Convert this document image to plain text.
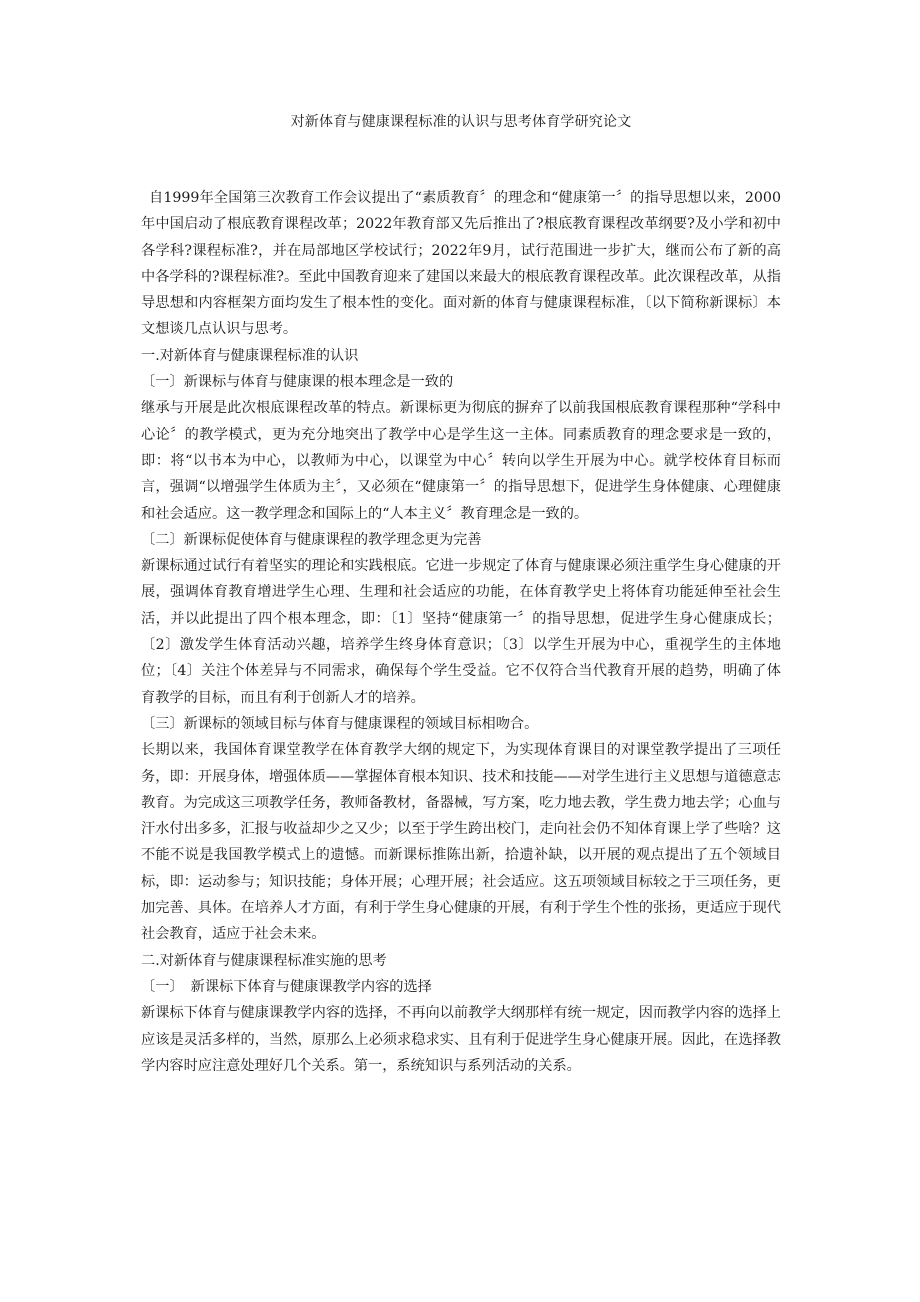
对新体育与健康课程标准的认识与思考体育学研究论文

自1999年全国第三次教育工作会议提出了“素质教育〞的理念和“健康第一〞的指导思想以来，2000年中国启动了根底教育课程改革；2022年教育部又先后推出了?根底教育课程改革纲要?及小学和初中各学科?课程标准?，并在局部地区学校试行；2022年9月，试行范围进一步扩大，继而公布了新的高中各学科的?课程标准?。至此中国教育迎来了建国以来最大的根底教育课程改革。此次课程改革，从指导思想和内容框架方面均发生了根本性的变化。面对新的体育与健康课程标准，〔以下简称新课标〕本文想谈几点认识与思考。

一.对新体育与健康课程标准的认识

〔一〕新课标与体育与健康课的根本理念是一致的

继承与开展是此次根底课程改革的特点。新课标更为彻底的摒弃了以前我国根底教育课程那种“学科中心论〞的教学模式，更为充分地突出了教学中心是学生这一主体。同素质教育的理念要求是一致的，即：将“以书本为中心，以教师为中心，以课堂为中心〞转向以学生开展为中心。就学校体育目标而言，强调“以增强学生体质为主〞，又必须在“健康第一〞的指导思想下，促进学生身体健康、心理健康和社会适应。这一教学理念和国际上的“人本主义〞教育理念是一致的。

〔二〕新课标促使体育与健康课程的教学理念更为完善

新课标通过试行有着坚实的理论和实践根底。它进一步规定了体育与健康课必须注重学生身心健康的开展，强调体育教育增进学生心理、生理和社会适应的功能，在体育教学史上将体育功能延伸至社会生活，并以此提出了四个根本理念，即：〔1〕坚持“健康第一〞的指导思想，促进学生身心健康成长；〔2〕激发学生体育活动兴趣，培养学生终身体育意识；〔3〕以学生开展为中心，重视学生的主体地位；〔4〕关注个体差异与不同需求，确保每个学生受益。它不仅符合当代教育开展的趋势，明确了体育教学的目标，而且有利于创新人才的培养。

〔三〕新课标的领域目标与体育与健康课程的领域目标相吻合。

长期以来，我国体育课堂教学在体育教学大纲的规定下，为实现体育课目的对课堂教学提出了三项任务，即：开展身体，增强体质——掌握体育根本知识、技术和技能——对学生进行主义思想与道德意志教育。为完成这三项教学任务，教师备教材，备器械，写方案，吃力地去教，学生费力地去学；心血与汗水付出多多，汇报与收益却少之又少；以至于学生跨出校门，走向社会仍不知体育课上学了些啥？这不能不说是我国教学模式上的遗憾。而新课标推陈出新，拾遗补缺，以开展的观点提出了五个领域目标，即：运动参与；知识技能；身体开展；心理开展；社会适应。这五项领域目标较之于三项任务，更加完善、具体。在培养人才方面，有利于学生身心健康的开展，有利于学生个性的张扬，更适应于现代社会教育，适应于社会未来。

二.对新体育与健康课程标准实施的思考

〔一〕　新课标下体育与健康课教学内容的选择

新课标下体育与健康课教学内容的选择，不再向以前教学大纲那样有统一规定，因而教学内容的选择上应该是灵活多样的，当然，原那么上必须求稳求实、且有利于促进学生身心健康开展。因此，在选择教学内容时应注意处理好几个关系。第一，系统知识与系列活动的关系。
